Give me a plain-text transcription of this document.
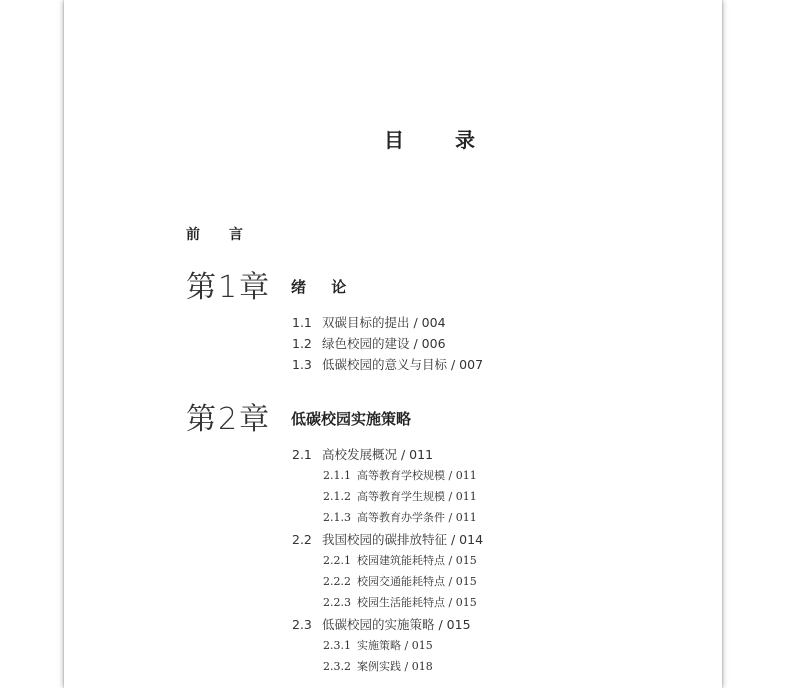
目 录
前 言
第1章 绪 论
1.1 双碳目标的提出 / 004
1.2 绿色校园的建设 / 006
1.3 低碳校园的意义与目标 / 007
第2章 低碳校园实施策略
2.1 高校发展概况 / 011
2.1.1 高等教育学校规模 / 011
2.1.2 高等教育学生规模 / 011
2.1.3 高等教育办学条件 / 011
2.2 我国校园的碳排放特征 / 014
2.2.1 校园建筑能耗特点 / 015
2.2.2 校园交通能耗特点 / 015
2.2.3 校园生活能耗特点 / 015
2.3 低碳校园的实施策略 / 015
2.3.1 实施策略 / 015
2.3.2 案例实践 / 018
